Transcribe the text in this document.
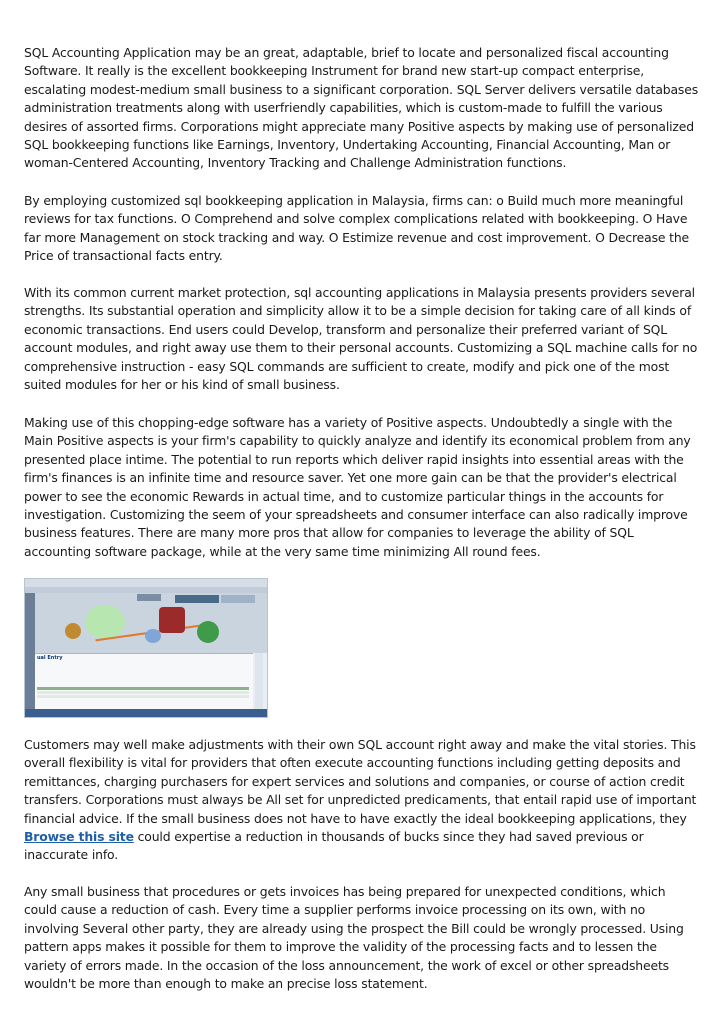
SQL Accounting Application may be an great, adaptable, brief to locate and personalized fiscal accounting Software. It really is the excellent bookkeeping Instrument for brand new start-up compact enterprise, escalating modest-medium small business to a significant corporation. SQL Server delivers versatile databases administration treatments along with userfriendly capabilities, which is custom-made to fulfill the various desires of assorted firms. Corporations might appreciate many Positive aspects by making use of personalized SQL bookkeeping functions like Earnings, Inventory, Undertaking Accounting, Financial Accounting, Man or woman-Centered Accounting, Inventory Tracking and Challenge Administration functions.

By employing customized sql bookkeeping application in Malaysia, firms can: o Build much more meaningful reviews for tax functions. O Comprehend and solve complex complications related with bookkeeping. O Have far more Management on stock tracking and way. O Estimize revenue and cost improvement. O Decrease the Price of transactional facts entry.

With its common current market protection, sql accounting applications in Malaysia presents providers several strengths. Its substantial operation and simplicity allow it to be a simple decision for taking care of all kinds of economic transactions. End users could Develop, transform and personalize their preferred variant of SQL account modules, and right away use them to their personal accounts. Customizing a SQL machine calls for no comprehensive instruction - easy SQL commands are sufficient to create, modify and pick one of the most suited modules for her or his kind of small business.

Making use of this chopping-edge software has a variety of Positive aspects. Undoubtedly a single with the Main Positive aspects is your firm's capability to quickly analyze and identify its economical problem from any presented place intime. The potential to run reports which deliver rapid insights into essential areas with the firm's finances is an infinite time and resource saver. Yet one more gain can be that the provider's electrical power to see the economic Rewards in actual time, and to customize particular things in the accounts for investigation. Customizing the seem of your spreadsheets and consumer interface can also radically improve business features. There are many more pros that allow for companies to leverage the ability of SQL accounting software package, while at the very same time minimizing All round fees.

ual Entry

Customers may well make adjustments with their own SQL account right away and make the vital stories. This overall flexibility is vital for providers that often execute accounting functions including getting deposits and remittances, charging purchasers for expert services and solutions and companies, or course of action credit transfers. Corporations must always be All set for unpredicted predicaments, that entail rapid use of important financial advice. If the small business does not have to have exactly the ideal bookkeeping applications, they Browse this site could expertise a reduction in thousands of bucks since they had saved previous or inaccurate info.

Any small business that procedures or gets invoices has being prepared for unexpected conditions, which could cause a reduction of cash. Every time a supplier performs invoice processing on its own, with no involving Several other party, they are already using the prospect the Bill could be wrongly processed. Using pattern apps makes it possible for them to improve the validity of the processing facts and to lessen the variety of errors made. In the occasion of the loss announcement, the work of excel or other spreadsheets wouldn't be more than enough to make an precise loss statement.
